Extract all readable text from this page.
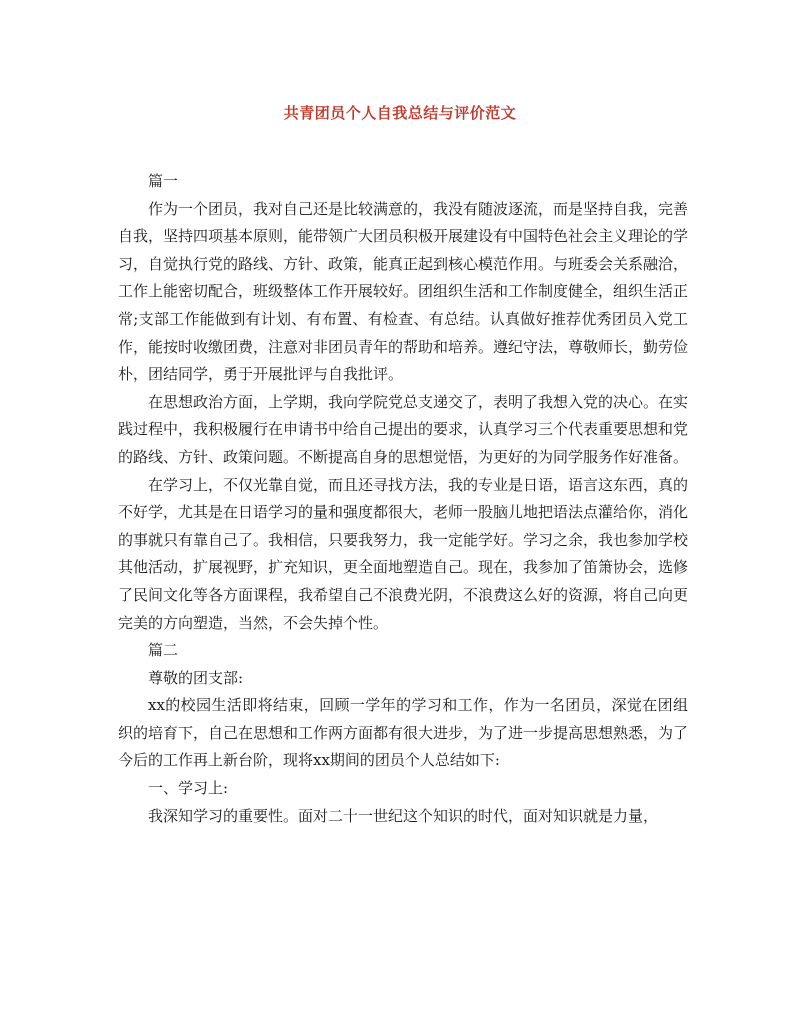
共青团员个人自我总结与评价范文

篇一

作为一个团员，我对自己还是比较满意的，我没有随波逐流，而是坚持自我，完善自我，坚持四项基本原则，能带领广大团员积极开展建设有中国特色社会主义理论的学习，自觉执行党的路线、方针、政策，能真正起到核心模范作用。与班委会关系融洽，工作上能密切配合，班级整体工作开展较好。团组织生活和工作制度健全，组织生活正常;支部工作能做到有计划、有布置、有检查、有总结。认真做好推荐优秀团员入党工作，能按时收缴团费，注意对非团员青年的帮助和培养。遵纪守法，尊敬师长，勤劳俭朴，团结同学，勇于开展批评与自我批评。

在思想政治方面，上学期，我向学院党总支递交了，表明了我想入党的决心。在实践过程中，我积极履行在申请书中给自己提出的要求，认真学习三个代表重要思想和党的路线、方针、政策问题。不断提高自身的思想觉悟，为更好的为同学服务作好准备。

在学习上，不仅光靠自觉，而且还寻找方法，我的专业是日语，语言这东西，真的不好学，尤其是在日语学习的量和强度都很大，老师一股脑儿地把语法点灌给你，消化的事就只有靠自己了。我相信，只要我努力，我一定能学好。学习之余，我也参加学校其他活动，扩展视野，扩充知识，更全面地塑造自己。现在，我参加了笛箫协会，选修了民间文化等各方面课程，我希望自己不浪费光阴，不浪费这么好的资源，将自己向更完美的方向塑造，当然，不会失掉个性。

篇二

尊敬的团支部:

xx的校园生活即将结束，回顾一学年的学习和工作，作为一名团员，深觉在团组织的培育下，自己在思想和工作两方面都有很大进步，为了进一步提高思想熟悉，为了今后的工作再上新台阶，现将xx期间的团员个人总结如下:

一、学习上:

我深知学习的重要性。面对二十一世纪这个知识的时代，面对知识就是力量，
